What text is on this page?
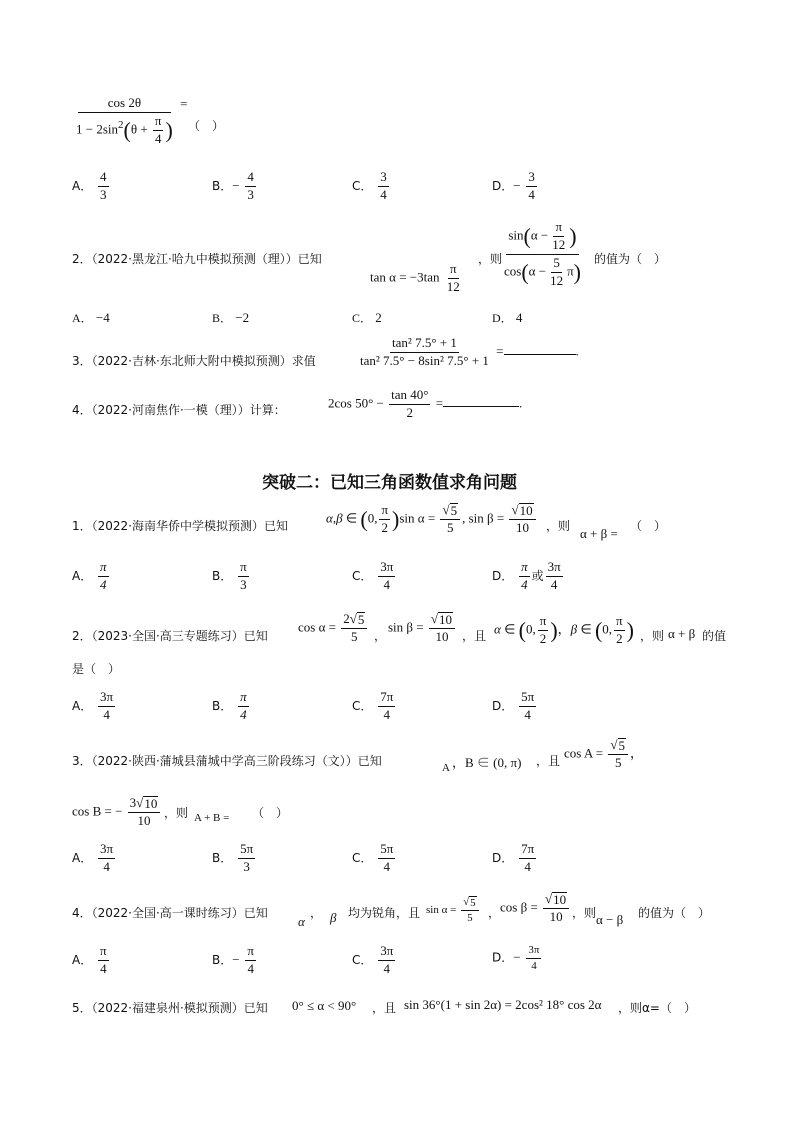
$\frac{\cos 2\theta}{1 - 2\sin^2(\theta + \frac{\pi}{4} )}$ =
（　）
A． $\frac{4}{3}$	B．− $\frac{4}{3}$	C． $\frac{3}{4}$	D．− $\frac{3}{4}$
2．（2022·黑龙江·哈九中模拟预测（理））已知
$\tan \alpha = -3\tan \frac{\pi}{12}$
，则 $\frac{\sin(\alpha - \frac{\pi}{12} )}{\cos(\alpha - \frac{5}{12} \pi)}$ 的值为（　）
A． −4	B． −2	C． 2	D． 4
3．（2022·吉林·东北师大附中模拟预测）求值	$\frac{\text{tan² 7.5° + 1}}{\text{tan² 7.5° − 8sin² 7.5° + 1}}$ =	.
4．（2022·河南焦作·一模（理））计算：	2cos $50^\circ - \frac{\tan 40^\circ}{2}$ =	.
突破二：已知三角函数值求角问题
1．（2022·海南华侨中学模拟预测）已知
α,β ∈ (0, $\frac{\pi}{2} )\sin$ $\alpha = \frac{√ 5}{5}$ , $\sin \beta = \frac{√ 10}{10}$ ，则 α + β = （　）
A． $\frac{\pi}{4}$	B． $\frac{\pi}{3}$	C． $\frac{3\pi}{4}$	D． $\frac{\pi}{4}$ 或 $\frac{3\pi}{4}$
2．（2023·全国·高三专题练习）已知
$\cos \alpha = \frac{2√ 5}{5}$ ，
$\sin \beta = \frac{√ 10}{10}$ ，且 α ∈ (0, $\frac{\pi}{2}$ )，β ∈ (0, $\frac{\pi}{2}$ ) ，则 α + β 的值
是（　）
A． $\frac{3\pi}{4}$	B． $\frac{\pi}{4}$	C． $\frac{7\pi}{4}$	D． $\frac{5\pi}{4}$
3．（2022·陕西·蒲城县蒲城中学高三阶段练习（文））已知	A ，B ∈ (0, π) ，且
$\cos A = \frac{√ 5}{5}$ ，
cos B = − $\frac{3√ 10}{10}$ ，则 A + B = （　）
A． $\frac{3\pi}{4}$	B． $\frac{5\pi}{3}$	C． $\frac{5\pi}{4}$	D． $\frac{7\pi}{4}$
4．（2022·全国·高一课时练习）已知
α
， β 均为锐角，且 $\sin \alpha = \frac{√ 5}{5}$ ， $\cos \beta = \frac{√ 10}{10}$ ，则 α − β 的值为（　）
A． $\frac{\pi}{4}$	B．− $\frac{\pi}{4}$	C． $\frac{3\pi}{4}$	D．− $\frac{3\pi}{4}$
5．（2022·福建泉州·模拟预测）已知 0° ≤ α < 90° ，且 sin 36°(1 + sin 2α) = 2cos² 18° cos 2α ，则α=（　）
